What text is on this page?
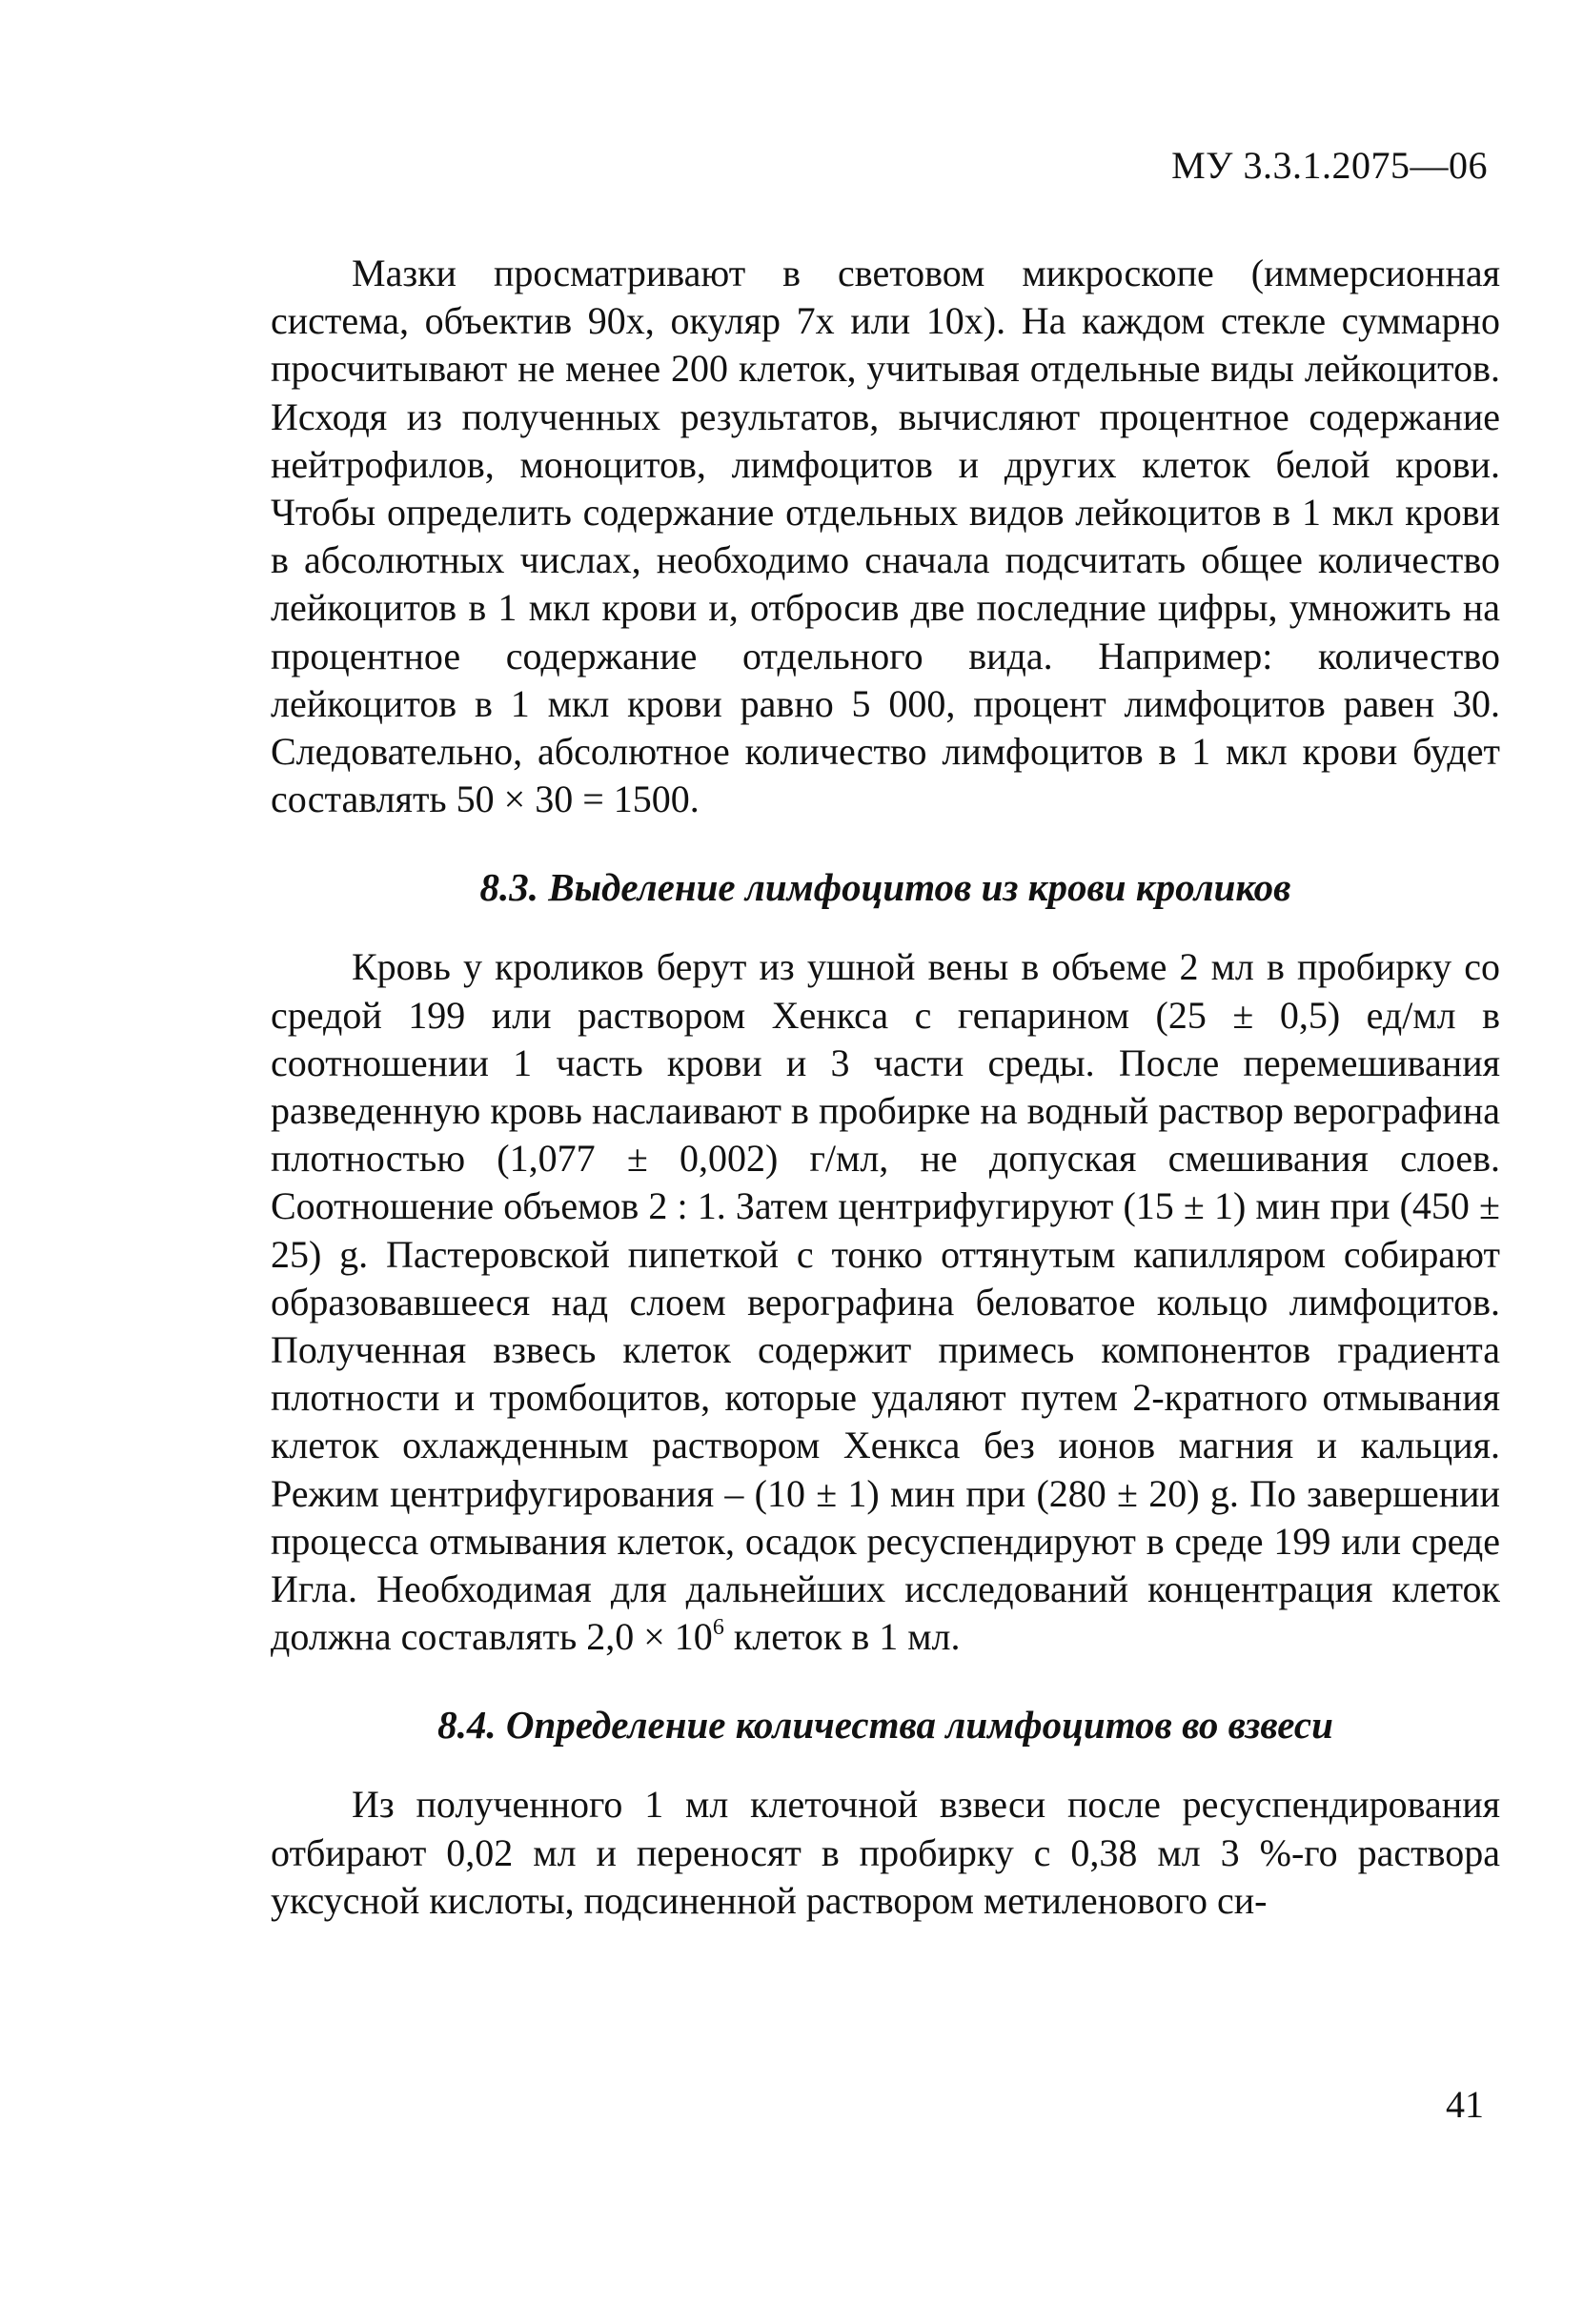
МУ 3.3.1.2075—06

Мазки просматривают в световом микроскопе (иммерсионная система, объектив 90х, окуляр 7х или 10х). На каждом стекле суммарно просчитывают не менее 200 клеток, учитывая отдельные виды лейкоцитов. Исходя из полученных результатов, вычисляют процентное содержание нейтрофилов, моноцитов, лимфоцитов и других клеток белой крови. Чтобы определить содержание отдельных видов лейкоцитов в 1 мкл крови в абсолютных числах, необходимо сначала подсчитать общее количество лейкоцитов в 1 мкл крови и, отбросив две последние цифры, умножить на процентное содержание отдельного вида. Например: количество лейкоцитов в 1 мкл крови равно 5 000, процент лимфоцитов равен 30. Следовательно, абсолютное количество лимфоцитов в 1 мкл крови будет составлять 50 × 30 = 1500.

8.3. Выделение лимфоцитов из крови кроликов

Кровь у кроликов берут из ушной вены в объеме 2 мл в пробирку со средой 199 или раствором Хенкса с гепарином (25 ± 0,5) ед/мл в соотношении 1 часть крови и 3 части среды. После перемешивания разведенную кровь наслаивают в пробирке на водный раствор верографина плотностью (1,077 ± 0,002) г/мл, не допуская смешивания слоев. Соотношение объемов 2 : 1. Затем центрифугируют (15 ± 1) мин при (450 ± 25) g. Пастеровской пипеткой с тонко оттянутым капилляром собирают образовавшееся над слоем верографина беловатое кольцо лимфоцитов. Полученная взвесь клеток содержит примесь компонентов градиента плотности и тромбоцитов, которые удаляют путем 2-кратного отмывания клеток охлажденным раствором Хенкса без ионов магния и кальция. Режим центрифугирования – (10 ± 1) мин при (280 ± 20) g. По завершении процесса отмывания клеток, осадок ресуспендируют в среде 199 или среде Игла. Необходимая для дальнейших исследований концентрация клеток должна составлять $2,0 \times 10^6$ клеток в 1 мл.

8.4. Определение количества лимфоцитов во взвеси

Из полученного 1 мл клеточной взвеси после ресуспендирования отбирают 0,02 мл и переносят в пробирку с 0,38 мл 3 %-го раствора уксусной кислоты, подсиненной раствором метиленового си-

41
